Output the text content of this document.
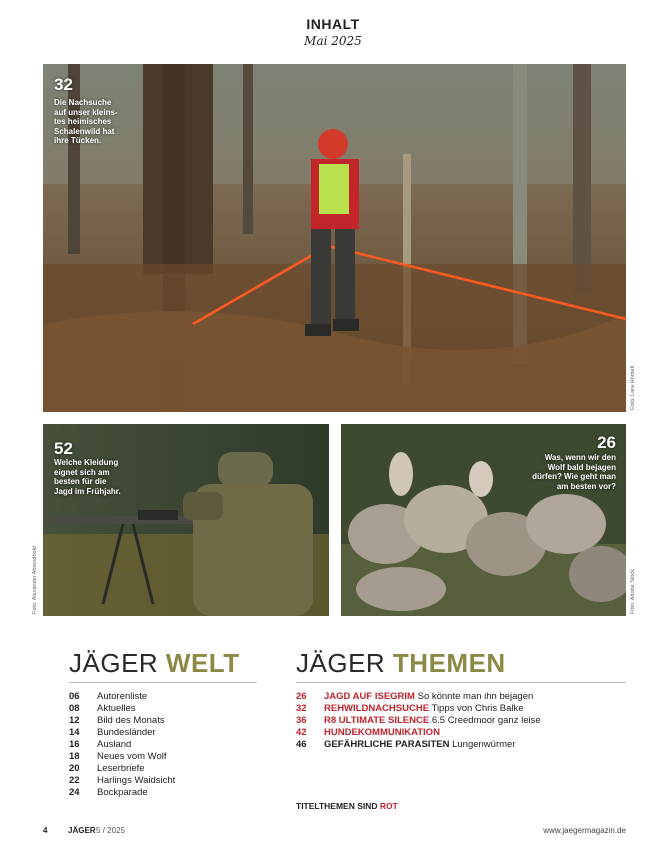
INHALT
Mai 2025
32
Die Nachsuche
auf unser kleins-
tes heimisches
Schalenwild hat
ihre Tücken.
Foto: Lara Hörbelt
52
Welche Kleidung
eignet sich am
besten für die
Jagd im Frühjahr.
Foto: Alexander Ahrendhold
26
Was, wenn wir den
Wolf bald bejagen
dürfen? Wie geht man
am besten vor?
Foto: Adobe Stock
JÄGER WELT
06 Autorenliste
08 Aktuelles
12 Bild des Monats
14 Bundesländer
16 Ausland
18 Neues vom Wolf
20 Leserbriefe
22 Harlings Waidsicht
24 Bockparade
JÄGER THEMEN
26 JAGD AUF ISEGRIM So könnte man ihn bejagen
32 REHWILDNACHSUCHE Tipps von Chris Balke
36 R8 ULTIMATE SILENCE 6.5 Creedmoor ganz leise
42 HUNDEKOMMUNIKATION
46 GEFÄHRLICHE PARASITEN Lungenwürmer
TITELTHEMEN SIND ROT
4	JÄGER 5 / 2025	www.jaegermagazin.de
